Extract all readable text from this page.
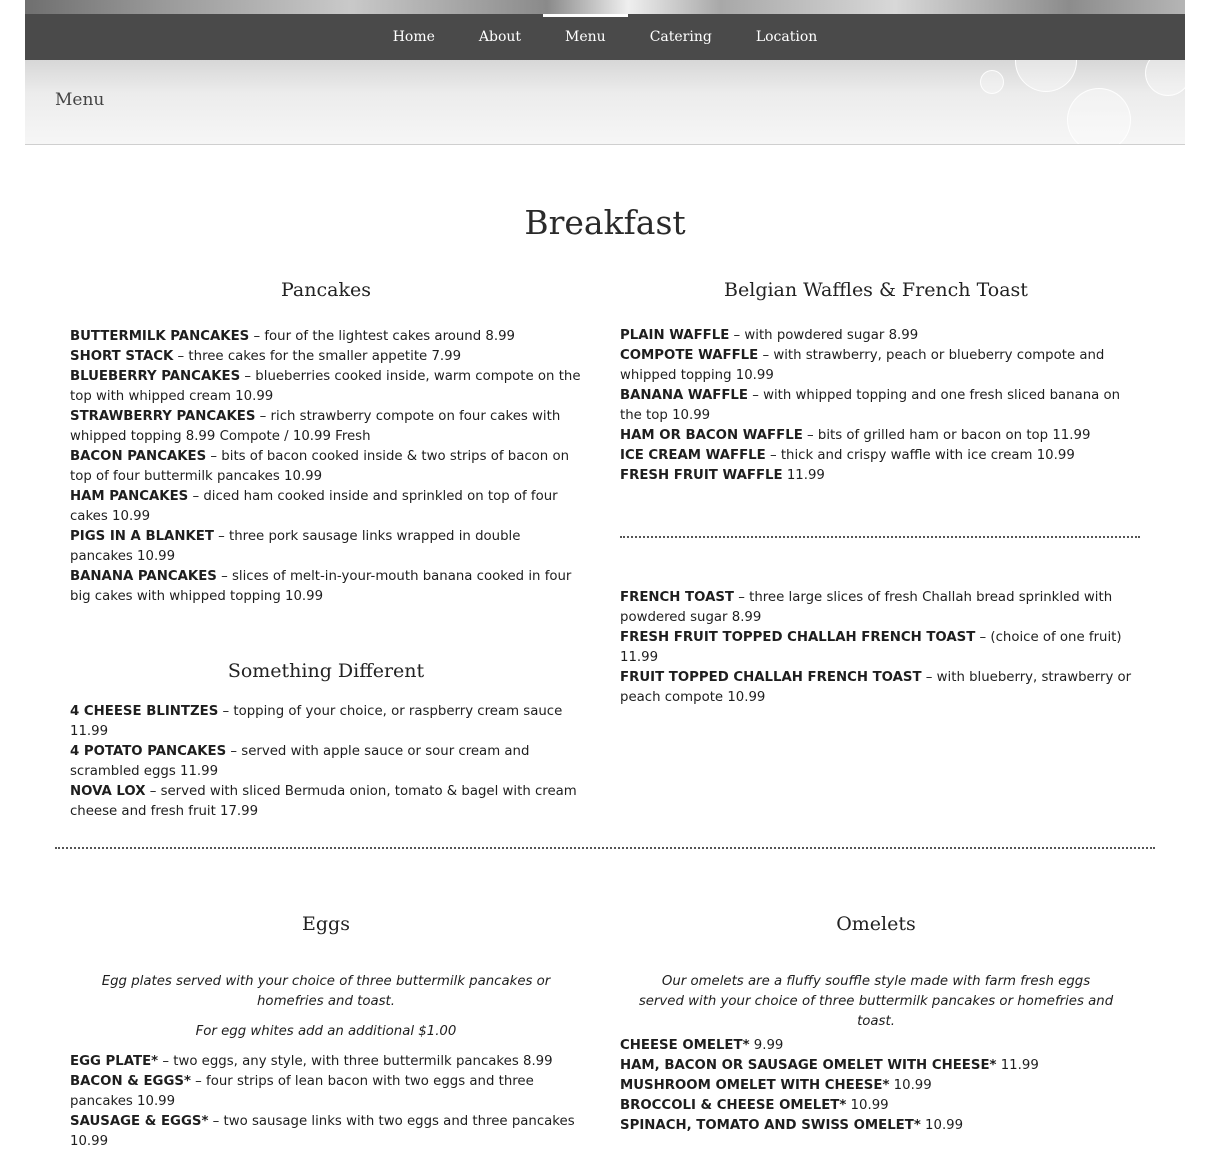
Home	About	Menu	Catering	Location
Menu
Breakfast
Pancakes
BUTTERMILK PANCAKES – four of the lightest cakes around 8.99
SHORT STACK – three cakes for the smaller appetite 7.99
BLUEBERRY PANCAKES – blueberries cooked inside, warm compote on the top with whipped cream 10.99
STRAWBERRY PANCAKES – rich strawberry compote on four cakes with whipped topping 8.99 Compote / 10.99 Fresh
BACON PANCAKES – bits of bacon cooked inside & two strips of bacon on top of four buttermilk pancakes 10.99
HAM PANCAKES – diced ham cooked inside and sprinkled on top of four cakes 10.99
PIGS IN A BLANKET – three pork sausage links wrapped in double pancakes 10.99
BANANA PANCAKES – slices of melt-in-your-mouth banana cooked in four big cakes with whipped topping 10.99
Something Different
4 CHEESE BLINTZES – topping of your choice, or raspberry cream sauce 11.99
4 POTATO PANCAKES – served with apple sauce or sour cream and scrambled eggs 11.99
NOVA LOX – served with sliced Bermuda onion, tomato & bagel with cream cheese and fresh fruit 17.99
Belgian Waffles & French Toast
PLAIN WAFFLE – with powdered sugar 8.99
COMPOTE WAFFLE – with strawberry, peach or blueberry compote and whipped topping 10.99
BANANA WAFFLE – with whipped topping and one fresh sliced banana on the top 10.99
HAM OR BACON WAFFLE – bits of grilled ham or bacon on top 11.99
ICE CREAM WAFFLE – thick and crispy waffle with ice cream 10.99
FRESH FRUIT WAFFLE 11.99
FRENCH TOAST – three large slices of fresh Challah bread sprinkled with powdered sugar 8.99
FRESH FRUIT TOPPED CHALLAH FRENCH TOAST – (choice of one fruit) 11.99
FRUIT TOPPED CHALLAH FRENCH TOAST – with blueberry, strawberry or peach compote 10.99
Eggs
Egg plates served with your choice of three buttermilk pancakes or homefries and toast.
For egg whites add an additional $1.00
EGG PLATE* – two eggs, any style, with three buttermilk pancakes 8.99
BACON & EGGS* – four strips of lean bacon with two eggs and three pancakes 10.99
SAUSAGE & EGGS* – two sausage links with two eggs and three pancakes 10.99
Omelets
Our omelets are a fluffy souffle style made with farm fresh eggs
served with your choice of three buttermilk pancakes or homefries and toast.
CHEESE OMELET* 9.99
HAM, BACON OR SAUSAGE OMELET WITH CHEESE* 11.99
MUSHROOM OMELET WITH CHEESE* 10.99
BROCCOLI & CHEESE OMELET* 10.99
SPINACH, TOMATO AND SWISS OMELET* 10.99
